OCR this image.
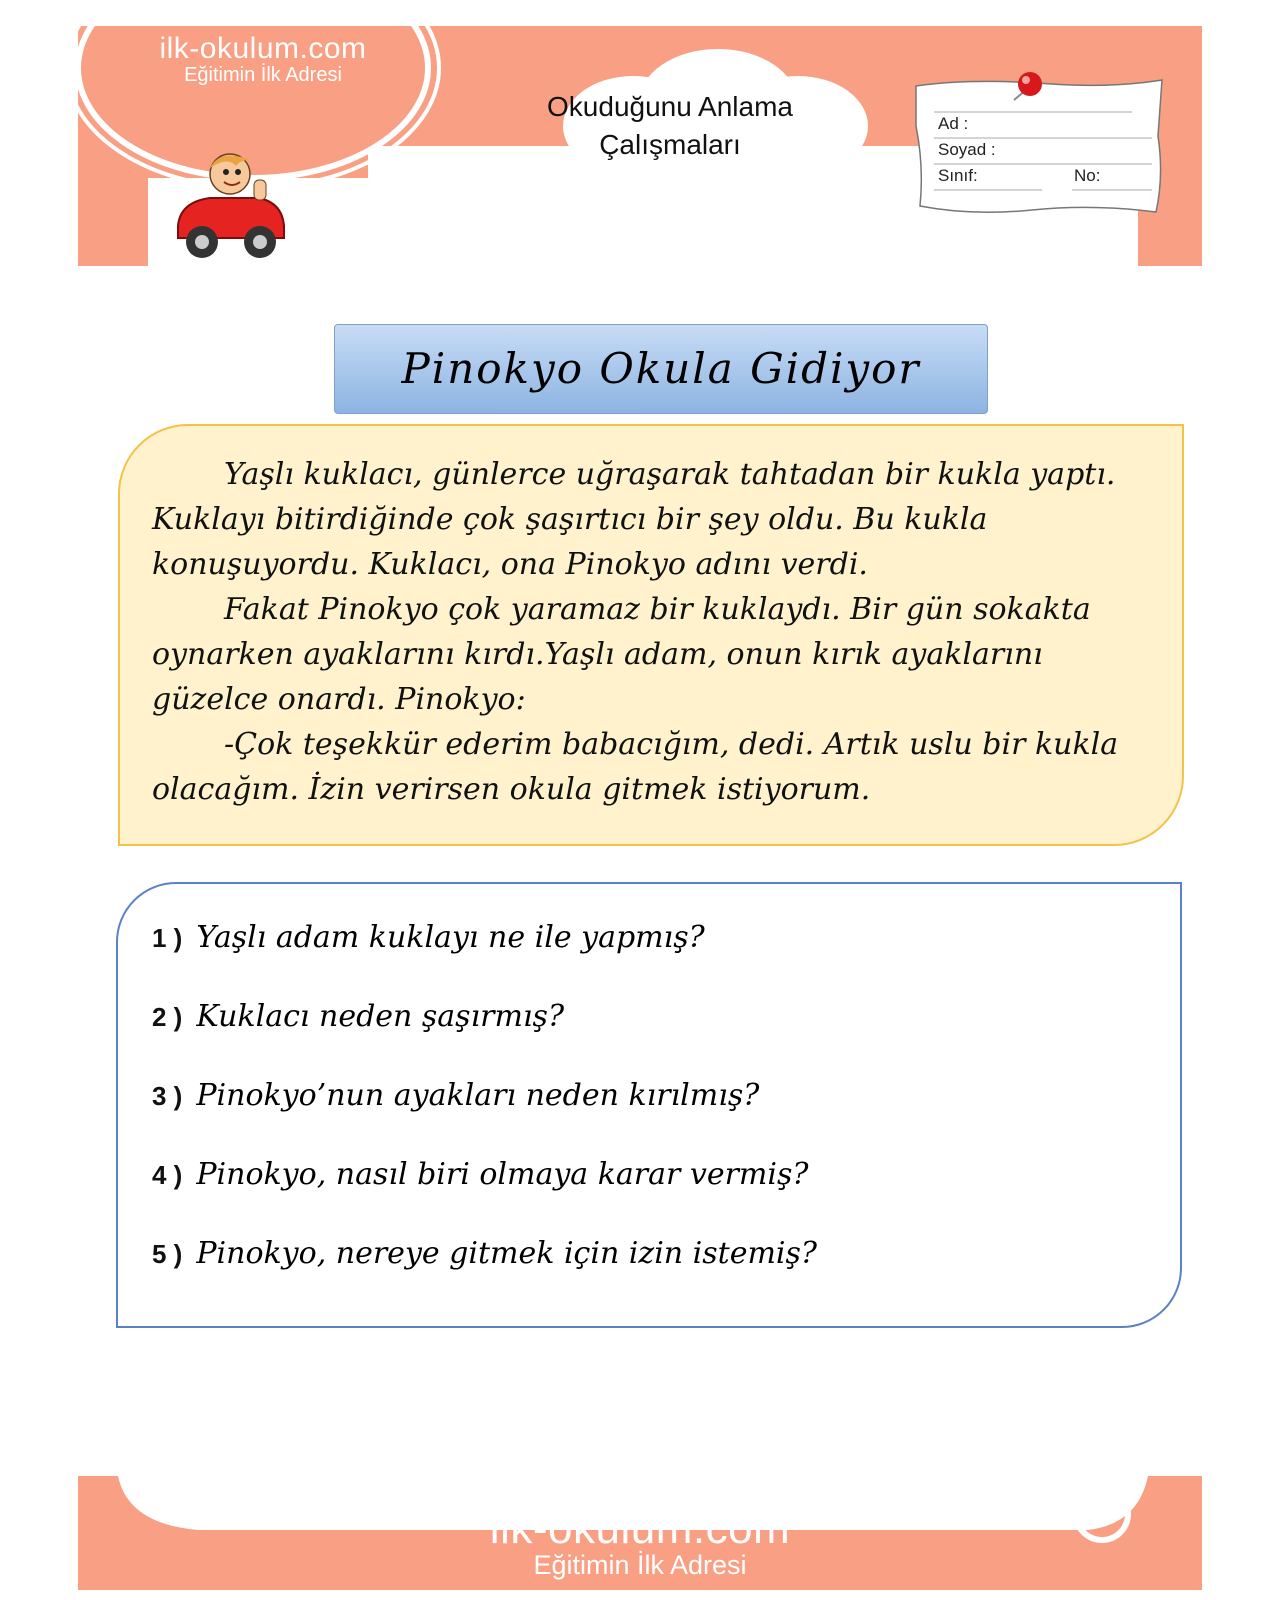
ilk-okulum.com
Eğitimin İlk Adresi
Okuduğunu Anlama
Çalışmaları
Ad :
Soyad :
Sınıf:	No:
Pinokyo Okula Gidiyor

Yaşlı kuklacı, günlerce uğraşarak tahtadan bir kukla yaptı. Kuklayı bitirdiğinde çok şaşırtıcı bir şey oldu. Bu kukla konuşuyordu. Kuklacı, ona Pinokyo adını verdi.

Fakat Pinokyo çok yaramaz bir kuklaydı. Bir gün sokakta oynarken ayaklarını kırdı.Yaşlı adam, onun kırık ayaklarını güzelce onardı. Pinokyo:

-Çok teşekkür ederim babacığım, dedi. Artık uslu bir kukla olacağım. İzin verirsen okula gitmek istiyorum.

1 ) Yaşlı adam kuklayı ne ile yapmış?
2 ) Kuklacı neden şaşırmış?
3 ) Pinokyo’nun ayakları neden kırılmış?
4 ) Pinokyo, nasıl biri olmaya karar vermiş?
5 ) Pinokyo, nereye gitmek için izin istemiş?
ilk-okulum.com
Eğitimin İlk Adresi
